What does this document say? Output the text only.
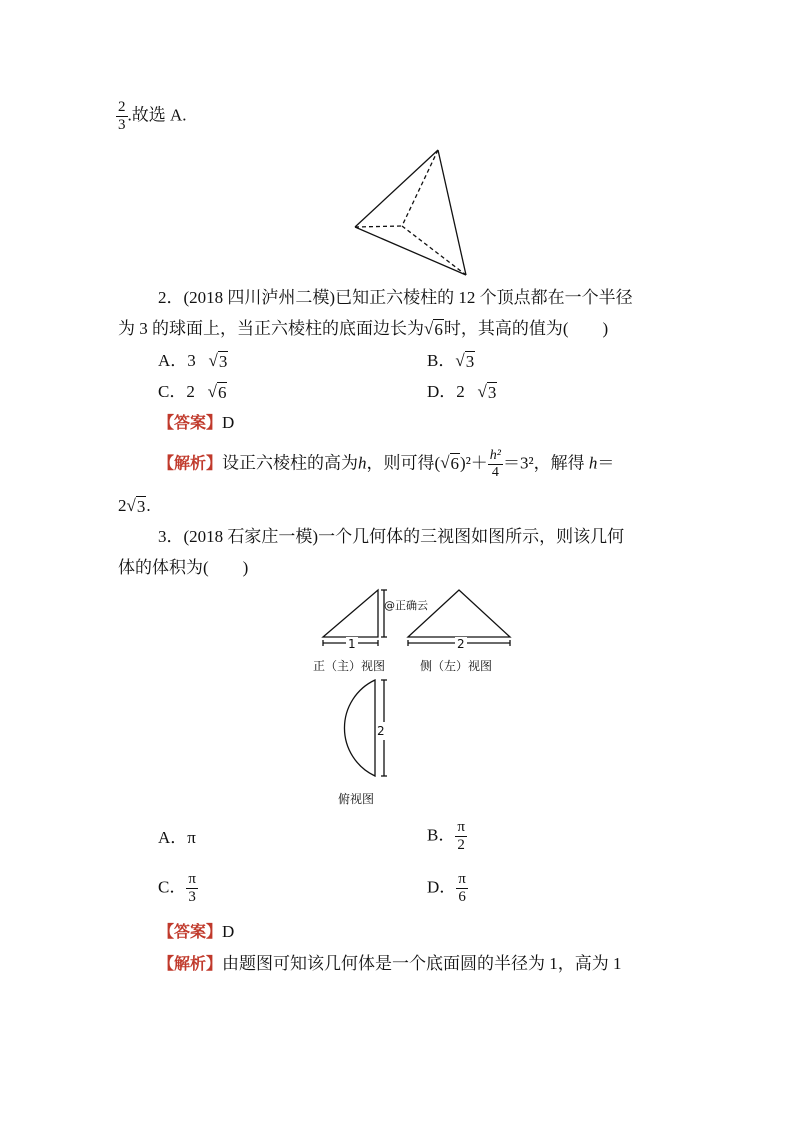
$\frac{2}{3}$ .故选 A.
2．(2018 四川泸州二模)已知正六棱柱的 12 个顶点都在一个半径
为 3 的球面上，当正六棱柱的底面边长为 √ 6 时，其高的值为(　　)
A．3 √ 3	B． √ 3
C．2 √ 6	D．2 √ 3
【答案】D
【解析】设正六棱柱的高为h，则可得( √ 6 )$^2+ \frac{\text{h²}}{4} =3^2$，解得 h＝
2 √ 3 .
3．(2018 石家庄一模)一个几何体的三视图如图所示，则该几何
体的体积为(　　)
@正确云
1	2
2
正（主）视图	侧（左）视图
俯视图
A．π	B． $\frac{\pi}{2}$
C． $\frac{\pi}{3}$	D． $\frac{\pi}{6}$
【答案】D
【解析】由题图可知该几何体是一个底面圆的半径为 1，高为 1
